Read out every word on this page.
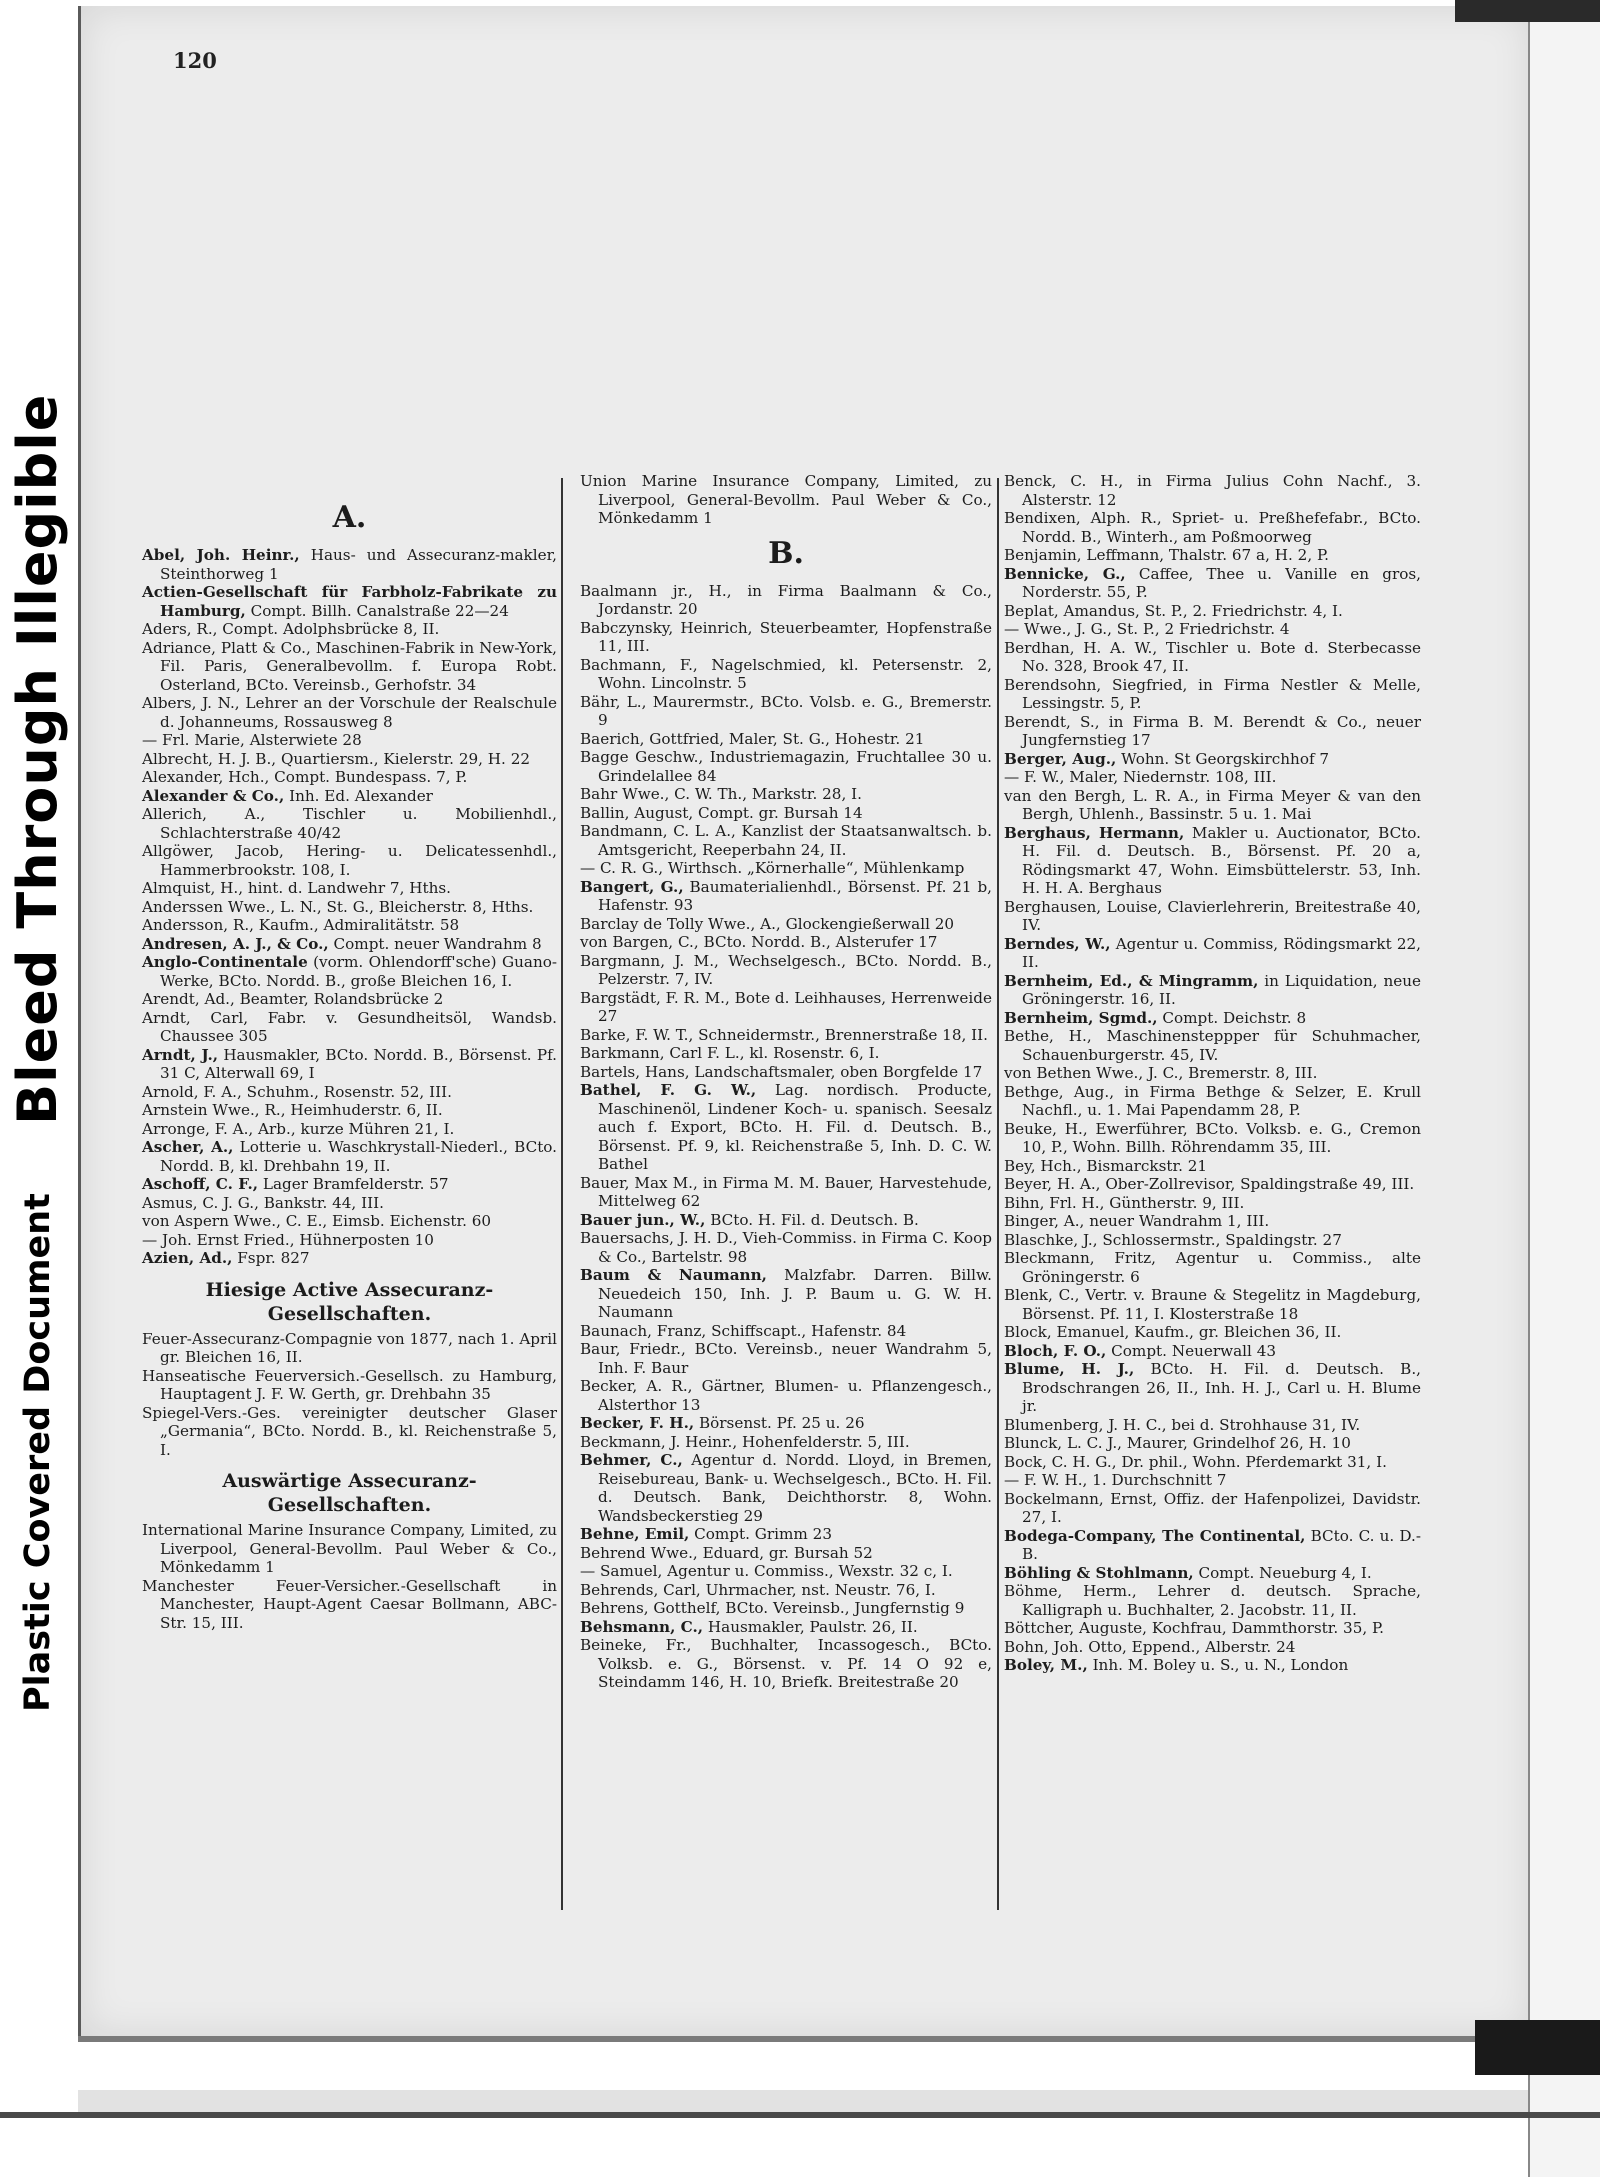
Bleed Through Illegible
Plastic Covered Document
120
A.

Abel, Joh. Heinr., Haus- und Assecuranz-makler, Steinthorweg 1

Actien-Gesellschaft für Farbholz-Fabrikate zu Hamburg, Compt. Billh. Canalstraße 22—24

Aders, R., Compt. Adolphsbrücke 8, II.

Adriance, Platt & Co., Maschinen-Fabrik in New-York, Fil. Paris, Generalbevollm. f. Europa Robt. Osterland, BCto. Vereinsb., Gerhofstr. 34

Albers, J. N., Lehrer an der Vorschule der Realschule d. Johanneums, Rossausweg 8

— Frl. Marie, Alsterwiete 28

Albrecht, H. J. B., Quartiersm., Kielerstr. 29, H. 22

Alexander, Hch., Compt. Bundespass. 7, P.

Alexander & Co., Inh. Ed. Alexander

Allerich, A., Tischler u. Mobilienhdl., Schlachterstraße 40/42

Allgöwer, Jacob, Hering- u. Delicatessenhdl., Hammerbrookstr. 108, I.

Almquist, H., hint. d. Landwehr 7, Hths.

Anderssen Wwe., L. N., St. G., Bleicherstr. 8, Hths.

Andersson, R., Kaufm., Admiralitätstr. 58

Andresen, A. J., & Co., Compt. neuer Wandrahm 8

Anglo-Continentale (vorm. Ohlendorff'sche) Guano-Werke, BCto. Nordd. B., große Bleichen 16, I.

Arendt, Ad., Beamter, Rolandsbrücke 2

Arndt, Carl, Fabr. v. Gesundheitsöl, Wandsb. Chaussee 305

Arndt, J., Hausmakler, BCto. Nordd. B., Börsenst. Pf. 31 C, Alterwall 69, I

Arnold, F. A., Schuhm., Rosenstr. 52, III.

Arnstein Wwe., R., Heimhuderstr. 6, II.

Arronge, F. A., Arb., kurze Mühren 21, I.

Ascher, A., Lotterie u. Waschkrystall-Niederl., BCto. Nordd. B, kl. Drehbahn 19, II.

Aschoff, C. F., Lager Bramfelderstr. 57

Asmus, C. J. G., Bankstr. 44, III.

von Aspern Wwe., C. E., Eimsb. Eichenstr. 60

— Joh. Ernst Fried., Hühnerposten 10

Azien, Ad., Fspr. 827

Hiesige Active Assecuranz-Gesellschaften.

Feuer-Assecuranz-Compagnie von 1877, nach 1. April gr. Bleichen 16, II.

Hanseatische Feuerversich.-Gesellsch. zu Hamburg, Hauptagent J. F. W. Gerth, gr. Drehbahn 35

Spiegel-Vers.-Ges. vereinigter deutscher Glaser „Germania“, BCto. Nordd. B., kl. Reichenstraße 5, I.

Auswärtige Assecuranz-Gesellschaften.

International Marine Insurance Company, Limited, zu Liverpool, General-Bevollm. Paul Weber & Co., Mönkedamm 1

Manchester Feuer-Versicher.-Gesellschaft in Manchester, Haupt-Agent Caesar Bollmann, ABC-Str. 15, III.

Union Marine Insurance Company, Limited, zu Liverpool, General-Bevollm. Paul Weber & Co., Mönkedamm 1

B.

Baalmann jr., H., in Firma Baalmann & Co., Jordanstr. 20

Babczynsky, Heinrich, Steuerbeamter, Hopfenstraße 11, III.

Bachmann, F., Nagelschmied, kl. Petersenstr. 2, Wohn. Lincolnstr. 5

Bähr, L., Maurermstr., BCto. Volsb. e. G., Bremerstr. 9

Baerich, Gottfried, Maler, St. G., Hohestr. 21

Bagge Geschw., Industriemagazin, Fruchtallee 30 u. Grindelallee 84

Bahr Wwe., C. W. Th., Markstr. 28, I.

Ballin, August, Compt. gr. Bursah 14

Bandmann, C. L. A., Kanzlist der Staatsanwaltsch. b. Amtsgericht, Reeperbahn 24, II.

— C. R. G., Wirthsch. „Körnerhalle“, Mühlenkamp

Bangert, G., Baumaterialienhdl., Börsenst. Pf. 21 b, Hafenstr. 93

Barclay de Tolly Wwe., A., Glockengießerwall 20

von Bargen, C., BCto. Nordd. B., Alsterufer 17

Bargmann, J. M., Wechselgesch., BCto. Nordd. B., Pelzerstr. 7, IV.

Bargstädt, F. R. M., Bote d. Leihhauses, Herrenweide 27

Barke, F. W. T., Schneidermstr., Brennerstraße 18, II.

Barkmann, Carl F. L., kl. Rosenstr. 6, I.

Bartels, Hans, Landschaftsmaler, oben Borgfelde 17

Bathel, F. G. W., Lag. nordisch. Producte, Maschinenöl, Lindener Koch- u. spanisch. Seesalz auch f. Export, BCto. H. Fil. d. Deutsch. B., Börsenst. Pf. 9, kl. Reichenstraße 5, Inh. D. C. W. Bathel

Bauer, Max M., in Firma M. M. Bauer, Harvestehude, Mittelweg 62

Bauer jun., W., BCto. H. Fil. d. Deutsch. B.

Bauersachs, J. H. D., Vieh-Commiss. in Firma C. Koop & Co., Bartelstr. 98

Baum & Naumann, Malzfabr. Darren. Billw. Neuedeich 150, Inh. J. P. Baum u. G. W. H. Naumann

Baunach, Franz, Schiffscapt., Hafenstr. 84

Baur, Friedr., BCto. Vereinsb., neuer Wandrahm 5, Inh. F. Baur

Becker, A. R., Gärtner, Blumen- u. Pflanzengesch., Alsterthor 13

Becker, F. H., Börsenst. Pf. 25 u. 26

Beckmann, J. Heinr., Hohenfelderstr. 5, III.

Behmer, C., Agentur d. Nordd. Lloyd, in Bremen, Reisebureau, Bank- u. Wechselgesch., BCto. H. Fil. d. Deutsch. Bank, Deichthorstr. 8, Wohn. Wandsbeckerstieg 29

Behne, Emil, Compt. Grimm 23

Behrend Wwe., Eduard, gr. Bursah 52

— Samuel, Agentur u. Commiss., Wexstr. 32 c, I.

Behrends, Carl, Uhrmacher, nst. Neustr. 76, I.

Behrens, Gotthelf, BCto. Vereinsb., Jungfernstig 9

Behsmann, C., Hausmakler, Paulstr. 26, II.

Beineke, Fr., Buchhalter, Incassogesch., BCto. Volksb. e. G., Börsenst. v. Pf. 14 O 92 e, Steindamm 146, H. 10, Briefk. Breitestraße 20

Benck, C. H., in Firma Julius Cohn Nachf., 3. Alsterstr. 12

Bendixen, Alph. R., Spriet- u. Preßhefefabr., BCto. Nordd. B., Winterh., am Poßmoorweg

Benjamin, Leffmann, Thalstr. 67 a, H. 2, P.

Bennicke, G., Caffee, Thee u. Vanille en gros, Norderstr. 55, P.

Beplat, Amandus, St. P., 2. Friedrichstr. 4, I.

— Wwe., J. G., St. P., 2 Friedrichstr. 4

Berdhan, H. A. W., Tischler u. Bote d. Sterbecasse No. 328, Brook 47, II.

Berendsohn, Siegfried, in Firma Nestler & Melle, Lessingstr. 5, P.

Berendt, S., in Firma B. M. Berendt & Co., neuer Jungfernstieg 17

Berger, Aug., Wohn. St Georgskirchhof 7

— F. W., Maler, Niedernstr. 108, III.

van den Bergh, L. R. A., in Firma Meyer & van den Bergh, Uhlenh., Bassinstr. 5 u. 1. Mai

Berghaus, Hermann, Makler u. Auctionator, BCto. H. Fil. d. Deutsch. B., Börsenst. Pf. 20 a, Rödingsmarkt 47, Wohn. Eimsbüttelerstr. 53, Inh. H. H. A. Berghaus

Berghausen, Louise, Clavierlehrerin, Breitestraße 40, IV.

Berndes, W., Agentur u. Commiss, Rödingsmarkt 22, II.

Bernheim, Ed., & Mingramm, in Liquidation, neue Gröningerstr. 16, II.

Bernheim, Sgmd., Compt. Deichstr. 8

Bethe, H., Maschinensteppper für Schuhmacher, Schauenburgerstr. 45, IV.

von Bethen Wwe., J. C., Bremerstr. 8, III.

Bethge, Aug., in Firma Bethge & Selzer, E. Krull Nachfl., u. 1. Mai Papendamm 28, P.

Beuke, H., Ewerführer, BCto. Volksb. e. G., Cremon 10, P., Wohn. Billh. Röhrendamm 35, III.

Bey, Hch., Bismarckstr. 21

Beyer, H. A., Ober-Zollrevisor, Spaldingstraße 49, III.

Bihn, Frl. H., Güntherstr. 9, III.

Binger, A., neuer Wandrahm 1, III.

Blaschke, J., Schlossermstr., Spaldingstr. 27

Bleckmann, Fritz, Agentur u. Commiss., alte Gröningerstr. 6

Blenk, C., Vertr. v. Braune & Stegelitz in Magdeburg, Börsenst. Pf. 11, I. Klosterstraße 18

Block, Emanuel, Kaufm., gr. Bleichen 36, II.

Bloch, F. O., Compt. Neuerwall 43

Blume, H. J., BCto. H. Fil. d. Deutsch. B., Brodschrangen 26, II., Inh. H. J., Carl u. H. Blume jr.

Blumenberg, J. H. C., bei d. Strohhause 31, IV.

Blunck, L. C. J., Maurer, Grindelhof 26, H. 10

Bock, C. H. G., Dr. phil., Wohn. Pferdemarkt 31, I.

— F. W. H., 1. Durchschnitt 7

Bockelmann, Ernst, Offiz. der Hafenpolizei, Davidstr. 27, I.

Bodega-Company, The Continental, BCto. C. u. D.-B.

Böhling & Stohlmann, Compt. Neueburg 4, I.

Böhme, Herm., Lehrer d. deutsch. Sprache, Kalligraph u. Buchhalter, 2. Jacobstr. 11, II.

Böttcher, Auguste, Kochfrau, Dammthorstr. 35, P.

Bohn, Joh. Otto, Eppend., Alberstr. 24

Boley, M., Inh. M. Boley u. S., u. N., London
